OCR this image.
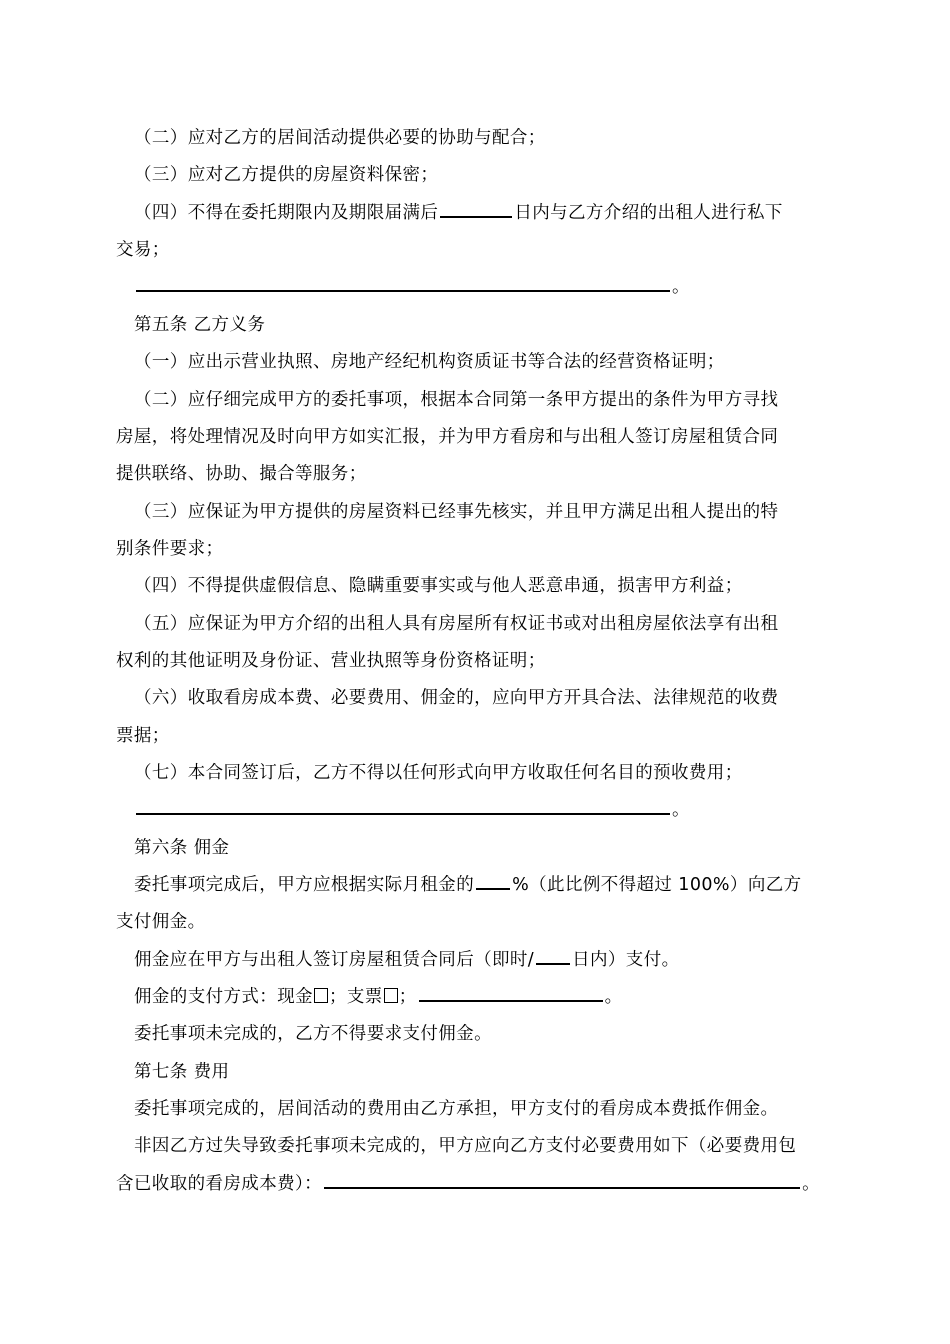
（二）应对乙方的居间活动提供必要的协助与配合；
（三）应对乙方提供的房屋资料保密；
（四）不得在委托期限内及期限届满后	日内与乙方介绍的出租人进行私下
交易；
。
第五条 乙方义务
（一）应出示营业执照、房地产经纪机构资质证书等合法的经营资格证明；
（二）应仔细完成甲方的委托事项，根据本合同第一条甲方提出的条件为甲方寻找
房屋，将处理情况及时向甲方如实汇报，并为甲方看房和与出租人签订房屋租赁合同
提供联络、协助、撮合等服务；
（三）应保证为甲方提供的房屋资料已经事先核实，并且甲方满足出租人提出的特
别条件要求；
（四）不得提供虚假信息、隐瞒重要事实或与他人恶意串通，损害甲方利益；
（五）应保证为甲方介绍的出租人具有房屋所有权证书或对出租房屋依法享有出租
权利的其他证明及身份证、营业执照等身份资格证明；
（六）收取看房成本费、必要费用、佣金的，应向甲方开具合法、法律规范的收费
票据；
（七）本合同签订后，乙方不得以任何形式向甲方收取任何名目的预收费用；
。
第六条 佣金
委托事项完成后，甲方应根据实际月租金的 %（此比例不得超过 100%）向乙方
支付佣金。
佣金应在甲方与出租人签订房屋租赁合同后（即时/ 日内）支付。
佣金的支付方式：现金 ；支票 ；	。
委托事项未完成的，乙方不得要求支付佣金。
第七条 费用
委托事项完成的，居间活动的费用由乙方承担，甲方支付的看房成本费抵作佣金。
非因乙方过失导致委托事项未完成的，甲方应向乙方支付必要费用如下（必要费用包
含已收取的看房成本费）：	。
